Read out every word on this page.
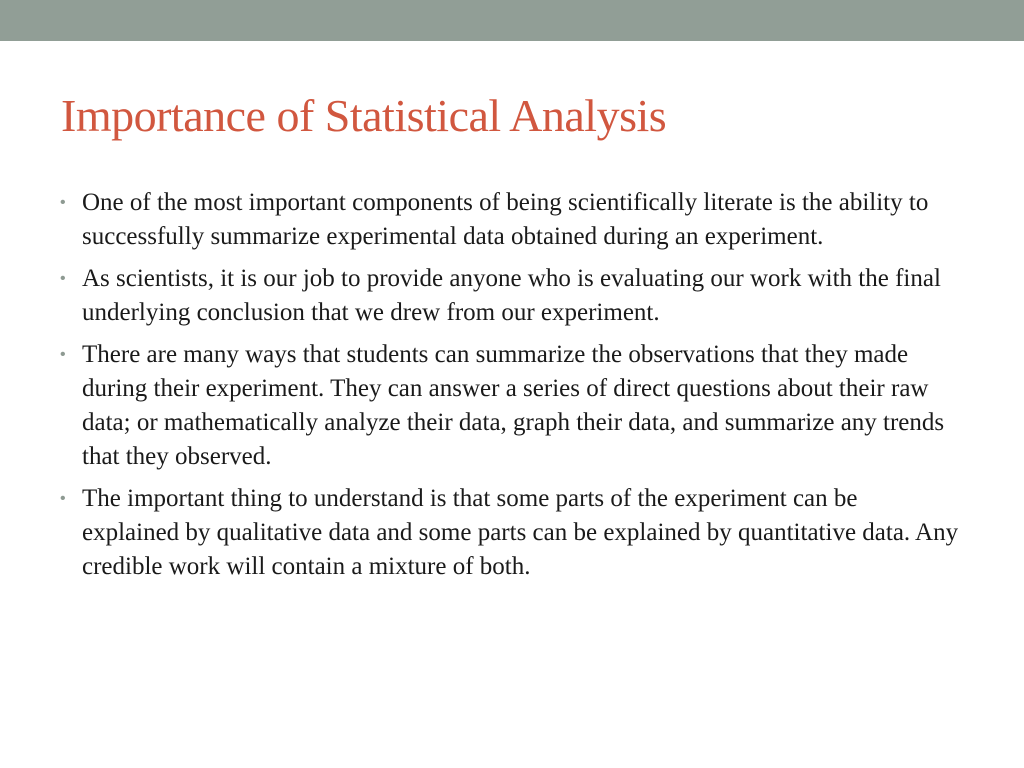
Importance of Statistical Analysis
• One of the most important components of being scientifically literate is the ability to successfully summarize experimental data obtained during an experiment.
• As scientists, it is our job to provide anyone who is evaluating our work with the final underlying conclusion that we drew from our experiment.
• There are many ways that students can summarize the observations that they made during their experiment. They can answer a series of direct questions about their raw data; or mathematically analyze their data, graph their data, and summarize any trends that they observed.
• The important thing to understand is that some parts of the experiment can be explained by qualitative data and some parts can be explained by quantitative data. Any credible work will contain a mixture of both.
